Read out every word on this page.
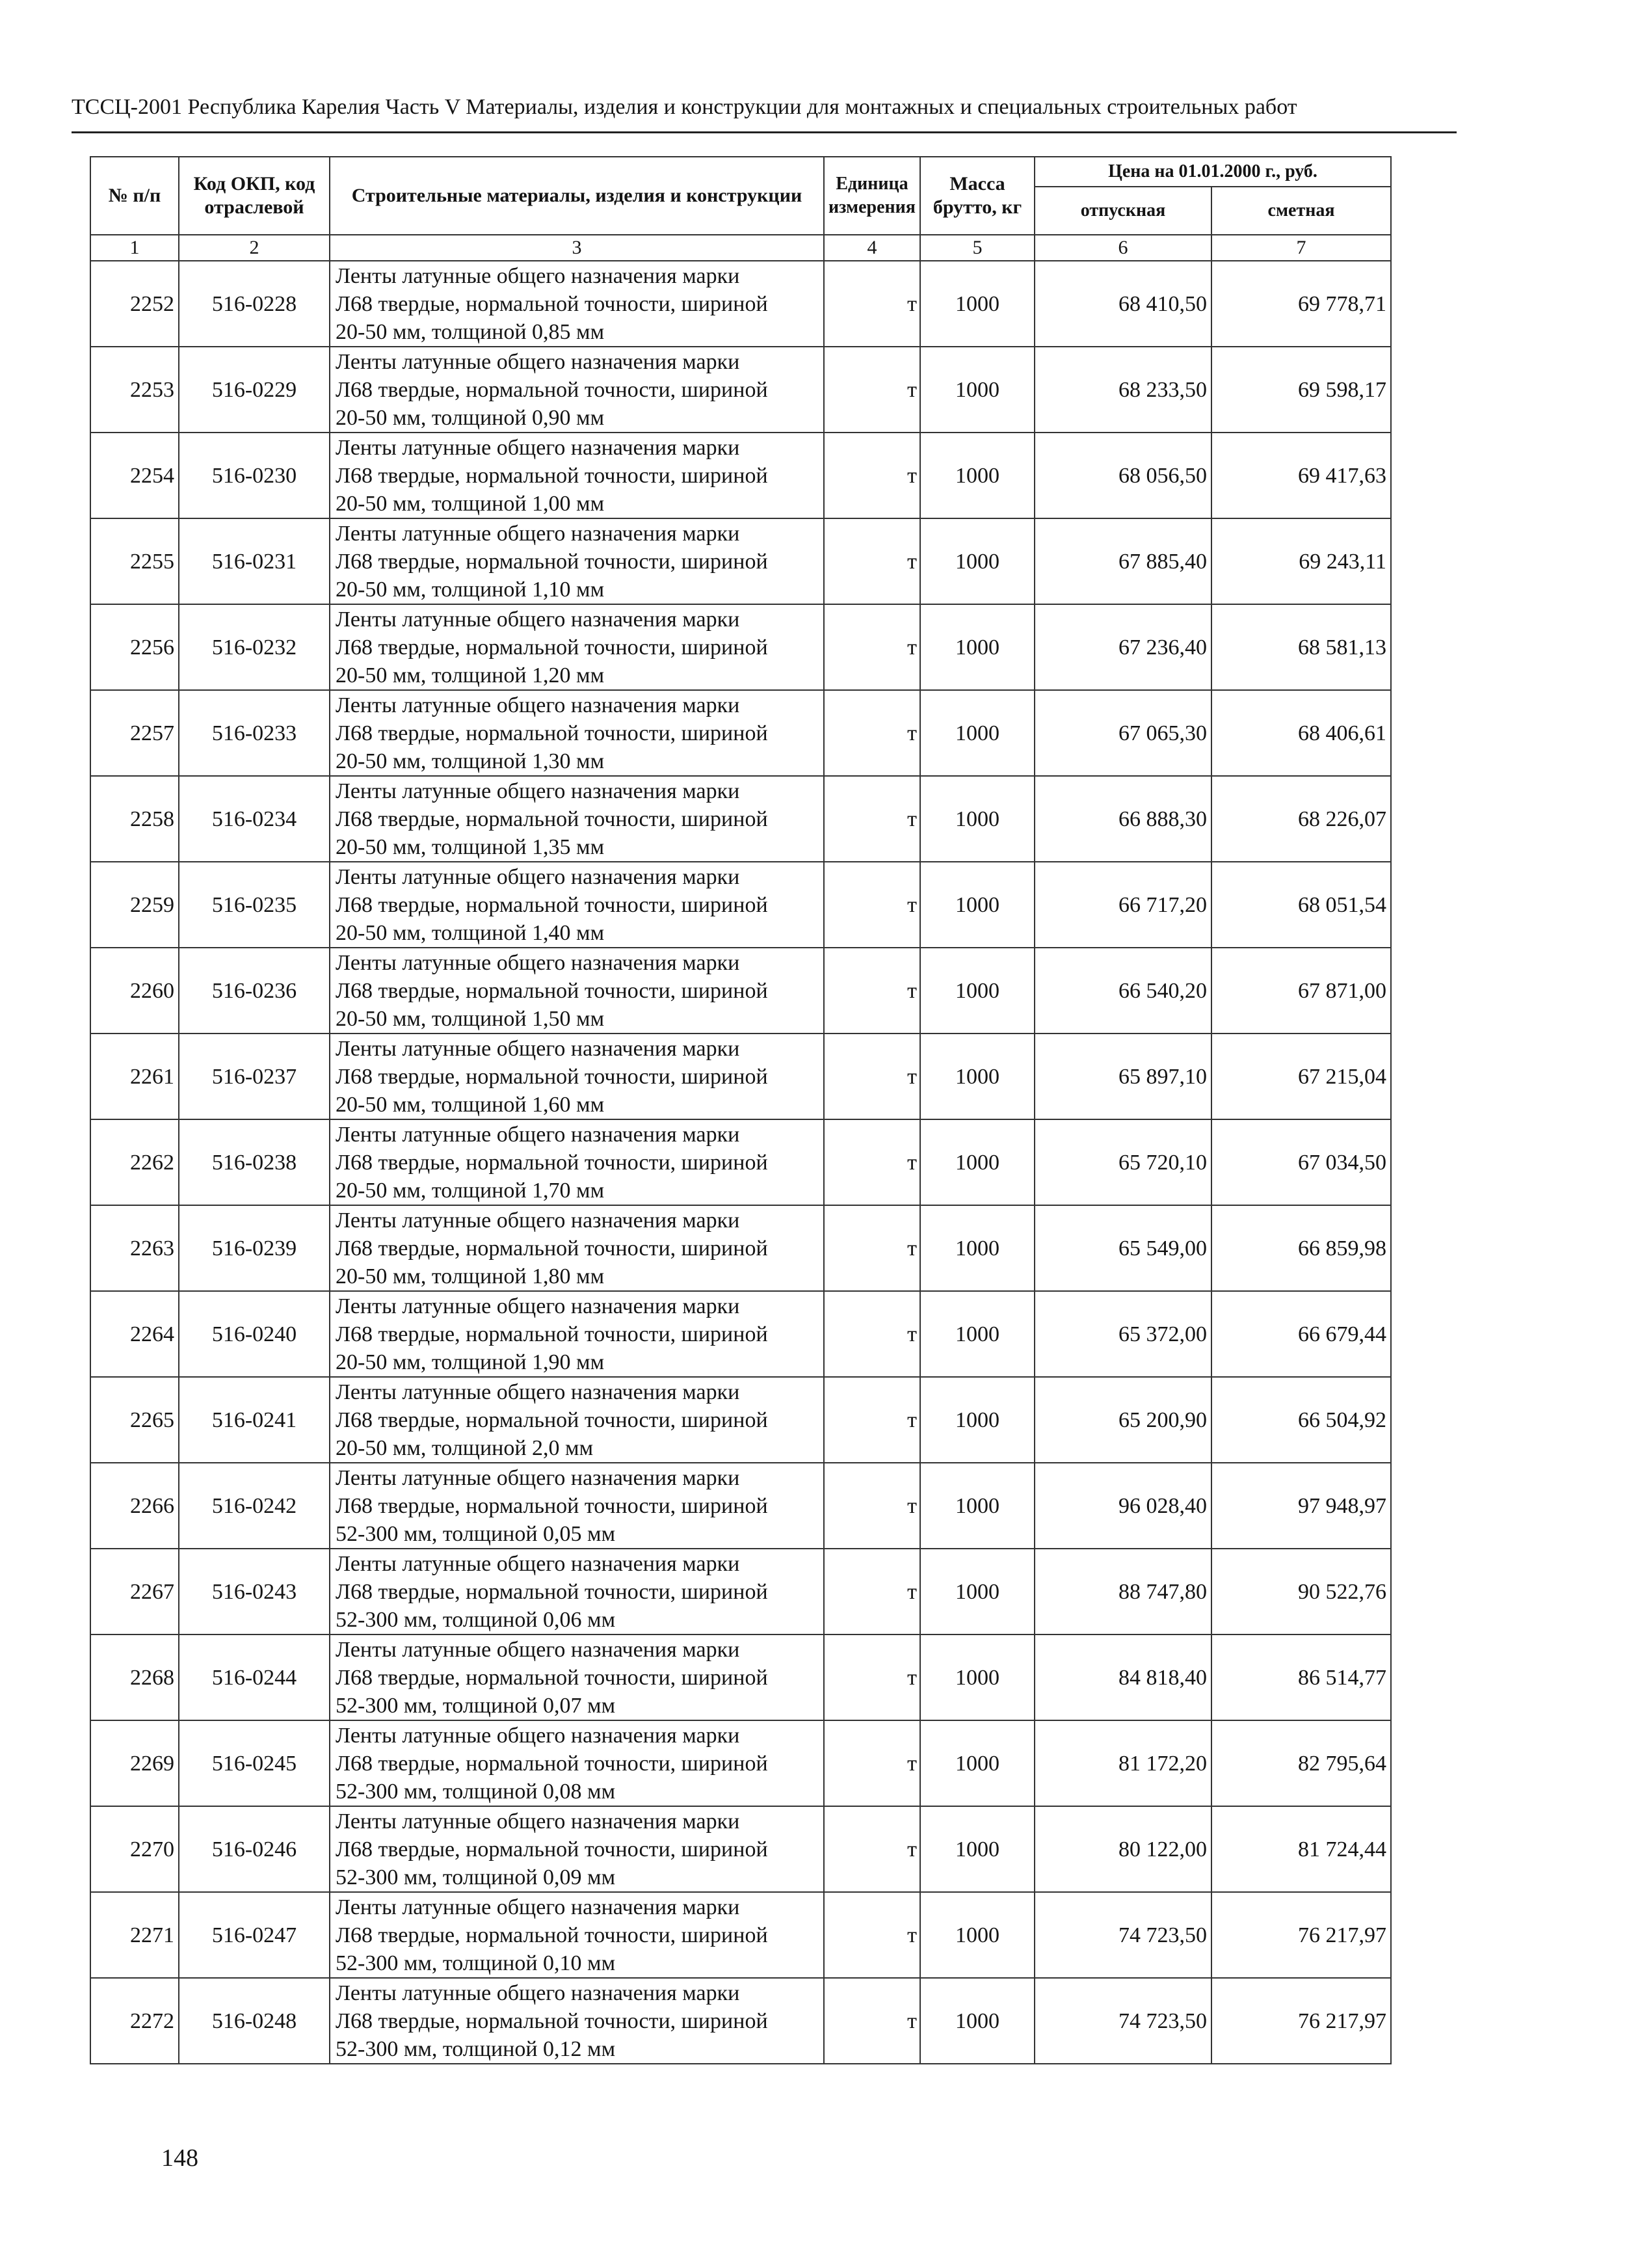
ТССЦ-2001 Республика Карелия Часть V Материалы, изделия и конструкции для монтажных и специальных строительных работ
№ п/п	Код ОКП, код отраслевой	Строительные материалы, изделия и конструкции	Единица измерения	Масса брутто, кг	Цена на 01.01.2000 г., руб.	
					отпускная	сметная
1	2	3	4	5	6	7
2252	516-0228	Ленты латунные общего назначения марки
Л68 твердые, нормальной точности, шириной
20-50 мм, толщиной 0,85 мм	т	1000	68 410,50	69 778,71
2253	516-0229	Ленты латунные общего назначения марки
Л68 твердые, нормальной точности, шириной
20-50 мм, толщиной 0,90 мм	т	1000	68 233,50	69 598,17
2254	516-0230	Ленты латунные общего назначения марки
Л68 твердые, нормальной точности, шириной
20-50 мм, толщиной 1,00 мм	т	1000	68 056,50	69 417,63
2255	516-0231	Ленты латунные общего назначения марки
Л68 твердые, нормальной точности, шириной
20-50 мм, толщиной 1,10 мм	т	1000	67 885,40	69 243,11
2256	516-0232	Ленты латунные общего назначения марки
Л68 твердые, нормальной точности, шириной
20-50 мм, толщиной 1,20 мм	т	1000	67 236,40	68 581,13
2257	516-0233	Ленты латунные общего назначения марки
Л68 твердые, нормальной точности, шириной
20-50 мм, толщиной 1,30 мм	т	1000	67 065,30	68 406,61
2258	516-0234	Ленты латунные общего назначения марки
Л68 твердые, нормальной точности, шириной
20-50 мм, толщиной 1,35 мм	т	1000	66 888,30	68 226,07
2259	516-0235	Ленты латунные общего назначения марки
Л68 твердые, нормальной точности, шириной
20-50 мм, толщиной 1,40 мм	т	1000	66 717,20	68 051,54
2260	516-0236	Ленты латунные общего назначения марки
Л68 твердые, нормальной точности, шириной
20-50 мм, толщиной 1,50 мм	т	1000	66 540,20	67 871,00
2261	516-0237	Ленты латунные общего назначения марки
Л68 твердые, нормальной точности, шириной
20-50 мм, толщиной 1,60 мм	т	1000	65 897,10	67 215,04
2262	516-0238	Ленты латунные общего назначения марки
Л68 твердые, нормальной точности, шириной
20-50 мм, толщиной 1,70 мм	т	1000	65 720,10	67 034,50
2263	516-0239	Ленты латунные общего назначения марки
Л68 твердые, нормальной точности, шириной
20-50 мм, толщиной 1,80 мм	т	1000	65 549,00	66 859,98
2264	516-0240	Ленты латунные общего назначения марки
Л68 твердые, нормальной точности, шириной
20-50 мм, толщиной 1,90 мм	т	1000	65 372,00	66 679,44
2265	516-0241	Ленты латунные общего назначения марки
Л68 твердые, нормальной точности, шириной
20-50 мм, толщиной 2,0 мм	т	1000	65 200,90	66 504,92
2266	516-0242	Ленты латунные общего назначения марки
Л68 твердые, нормальной точности, шириной
52-300 мм, толщиной 0,05 мм	т	1000	96 028,40	97 948,97
2267	516-0243	Ленты латунные общего назначения марки
Л68 твердые, нормальной точности, шириной
52-300 мм, толщиной 0,06 мм	т	1000	88 747,80	90 522,76
2268	516-0244	Ленты латунные общего назначения марки
Л68 твердые, нормальной точности, шириной
52-300 мм, толщиной 0,07 мм	т	1000	84 818,40	86 514,77
2269	516-0245	Ленты латунные общего назначения марки
Л68 твердые, нормальной точности, шириной
52-300 мм, толщиной 0,08 мм	т	1000	81 172,20	82 795,64
2270	516-0246	Ленты латунные общего назначения марки
Л68 твердые, нормальной точности, шириной
52-300 мм, толщиной 0,09 мм	т	1000	80 122,00	81 724,44
2271	516-0247	Ленты латунные общего назначения марки
Л68 твердые, нормальной точности, шириной
52-300 мм, толщиной 0,10 мм	т	1000	74 723,50	76 217,97
2272	516-0248	Ленты латунные общего назначения марки
Л68 твердые, нормальной точности, шириной
52-300 мм, толщиной 0,12 мм	т	1000	74 723,50	76 217,97
148
